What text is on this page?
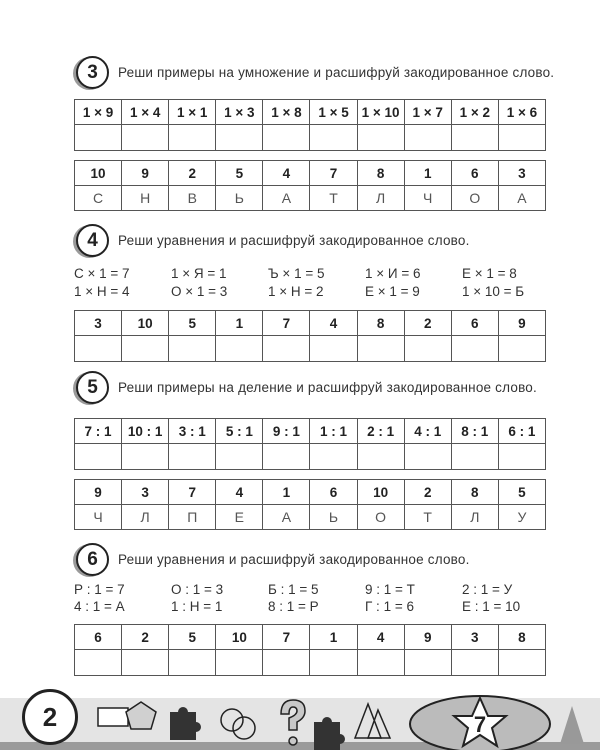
3	Реши примеры на умножение и расшифруй закодированное слово.
1 × 9	1 × 4	1 × 1	1 × 3	1 × 8	1 × 5	1 × 10	1 × 7	1 × 2	1 × 6

10	9	2	5	4	7	8	1	6	3
С	Н	В	Ь	А	Т	Л	Ч	О	А
4	Реши уравнения и расшифруй закодированное слово.
С × 1 = 7	1 × Я = 1	Ъ × 1 = 5	1 × И = 6	Е × 1 = 8
1 × Н = 4	О × 1 = 3	1 × Н = 2	Е × 1 = 9	1 × 10 = Б
3	10	5	1	7	4	8	2	6	9

5	Реши примеры на деление и расшифруй закодированное слово.
7 : 1	10 : 1	3 : 1	5 : 1	9 : 1	1 : 1	2 : 1	4 : 1	8 : 1	6 : 1

9	3	7	4	1	6	10	2	8	5
Ч	Л	П	Е	А	Ь	О	Т	Л	У
6	Реши уравнения и расшифруй закодированное слово.
Р : 1 = 7	О : 1 = 3	Б : 1 = 5	9 : 1 = Т	2 : 1 = У
4 : 1 = А	1 : Н = 1	8 : 1 = Р	Г : 1 = 6	Е : 1 = 10
6	2	5	10	7	1	4	9	3	8

2	7
